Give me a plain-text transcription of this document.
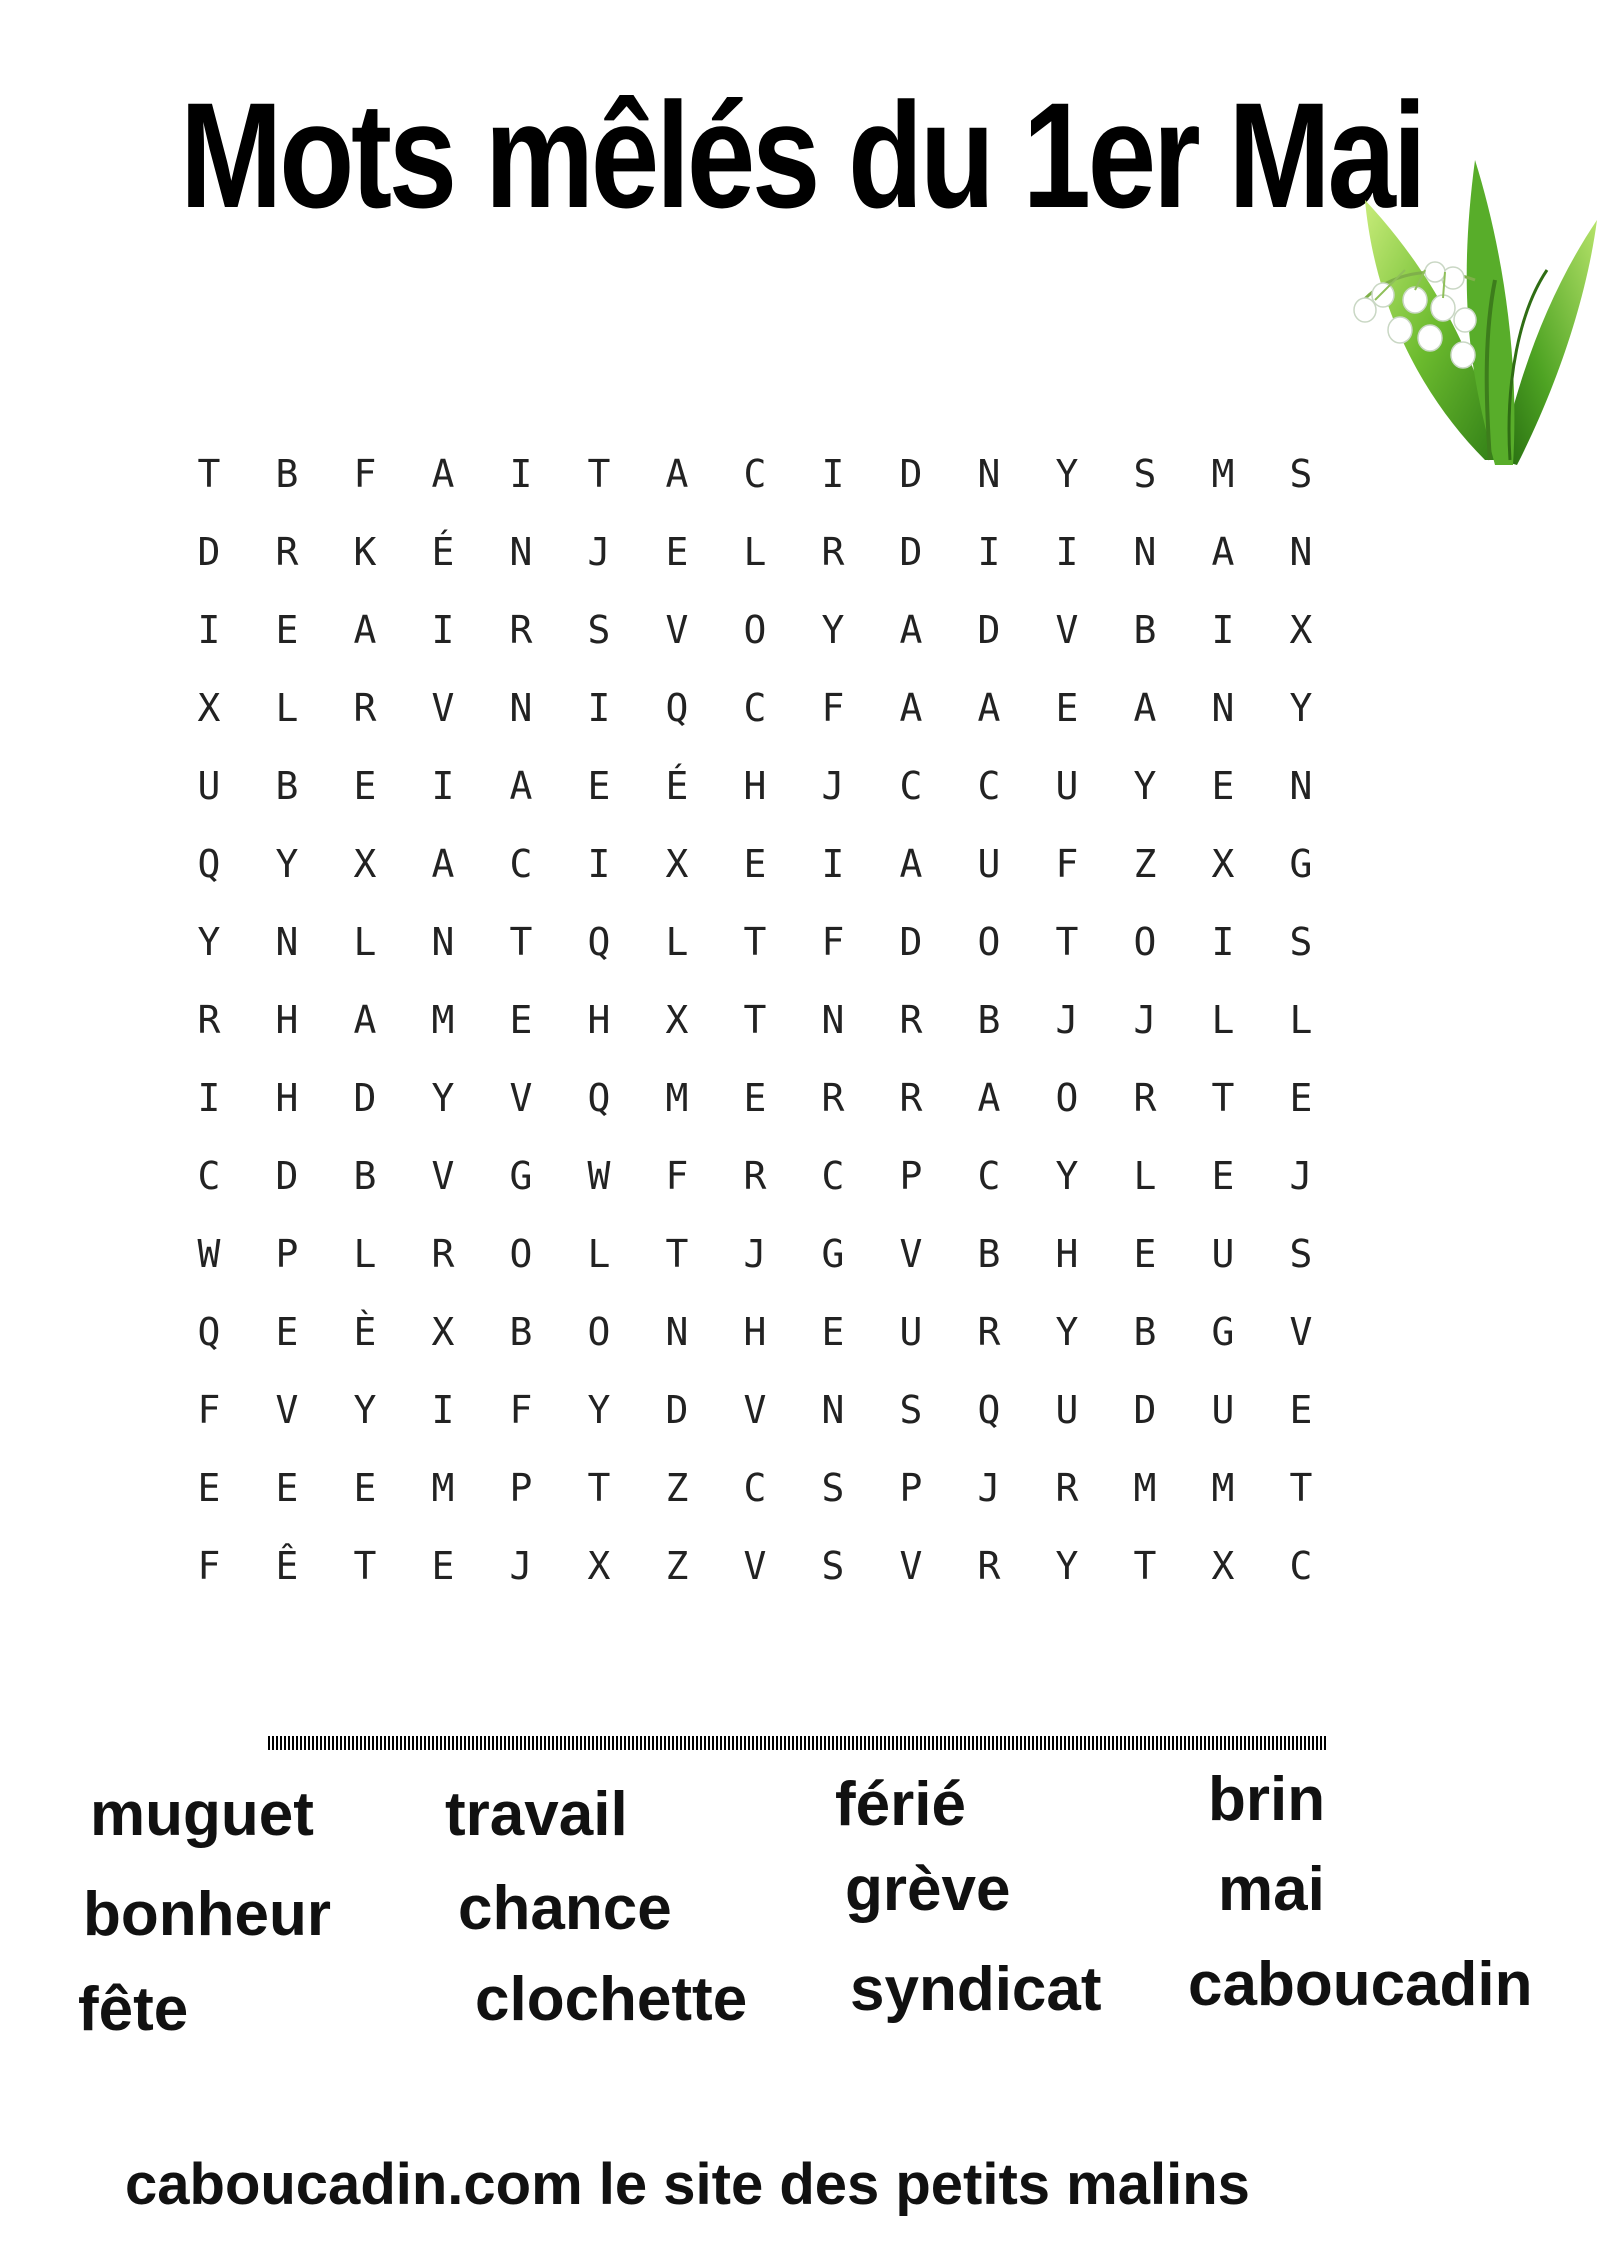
Mots mêlés du 1er Mai
T	B	F	A	I	T	A	C	I	D	N	Y	S	M	S
D	R	K	É	N	J	E	L	R	D	I	I	N	A	N
I	E	A	I	R	S	V	O	Y	A	D	V	B	I	X
X	L	R	V	N	I	Q	C	F	A	A	E	A	N	Y
U	B	E	I	A	E	É	H	J	C	C	U	Y	E	N
Q	Y	X	A	C	I	X	E	I	A	U	F	Z	X	G
Y	N	L	N	T	Q	L	T	F	D	O	T	O	I	S
R	H	A	M	E	H	X	T	N	R	B	J	J	L	L
I	H	D	Y	V	Q	M	E	R	R	A	O	R	T	E
C	D	B	V	G	W	F	R	C	P	C	Y	L	E	J
W	P	L	R	O	L	T	J	G	V	B	H	E	U	S
Q	E	È	X	B	O	N	H	E	U	R	Y	B	G	V
F	V	Y	I	F	Y	D	V	N	S	Q	U	D	U	E
E	E	E	M	P	T	Z	C	S	P	J	R	M	M	T
F	Ê	T	E	J	X	Z	V	S	V	R	Y	T	X	C
muguet travail	férié	brin
bonheur chance	grève	mai
fête	clochette syndicat caboucadin
caboucadin.com le site des petits malins
